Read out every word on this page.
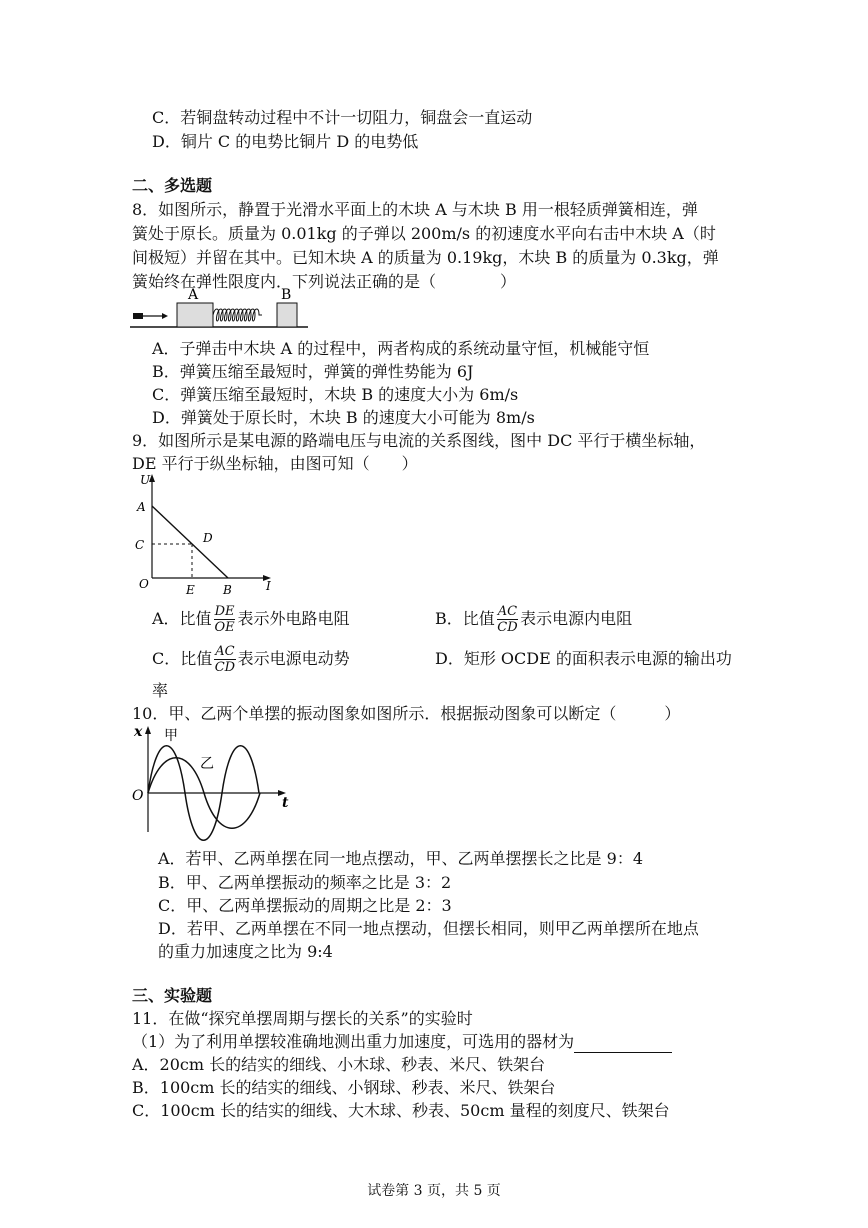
C．若铜盘转动过程中不计一切阻力，铜盘会一直运动
D．铜片 C 的电势比铜片 D 的电势低
二、多选题
8．如图所示，静置于光滑水平面上的木块 A 与木块 B 用一根轻质弹簧相连，弹
簧处于原长。质量为 0.01kg 的子弹以 200m/s 的初速度水平向右击中木块 A（时
间极短）并留在其中。已知木块 A 的质量为 0.19kg，木块 B 的质量为 0.3kg，弹
簧始终在弹性限度内．下列说法正确的是（　　　　）
A	B
A．子弹击中木块 A 的过程中，两者构成的系统动量守恒，机械能守恒
B．弹簧压缩至最短时，弹簧的弹性势能为 6J
C．弹簧压缩至最短时，木块 B 的速度大小为 6m/s
D．弹簧处于原长时，木块 B 的速度大小可能为 8m/s
9．如图所示是某电源的路端电压与电流的关系图线，图中 DC 平行于横坐标轴，
DE 平行于纵坐标轴，由图可知（　　）
U
A
C	D
O	E B	I
A．比值 $\frac{DE}{OE}$ 表示外电路电阻	B．比值 $\frac{AC}{CD}$ 表示电源内电阻
C．比值 $\frac{AC}{CD}$ 表示电源电动势	D．矩形 OCDE 的面积表示电源的输出功
率
10．甲、乙两个单摆的振动图象如图所示．根据振动图象可以断定（　　　）
x 甲
乙
O	t
A．若甲、乙两单摆在同一地点摆动，甲、乙两单摆摆长之比是 9：4
B．甲、乙两单摆振动的频率之比是 3：2
C．甲、乙两单摆振动的周期之比是 2：3
D．若甲、乙两单摆在不同一地点摆动，但摆长相同，则甲乙两单摆所在地点
的重力加速度之比为 9:4
三、实验题
11．在做“探究单摆周期与摆长的关系”的实验时
（1）为了利用单摆较准确地测出重力加速度，可选用的器材为
A．20cm 长的结实的细线、小木球、秒表、米尺、铁架台
B．100cm 长的结实的细线、小钢球、秒表、米尺、铁架台
C．100cm 长的结实的细线、大木球、秒表、50cm 量程的刻度尺、铁架台
试卷第 3 页，共 5 页
